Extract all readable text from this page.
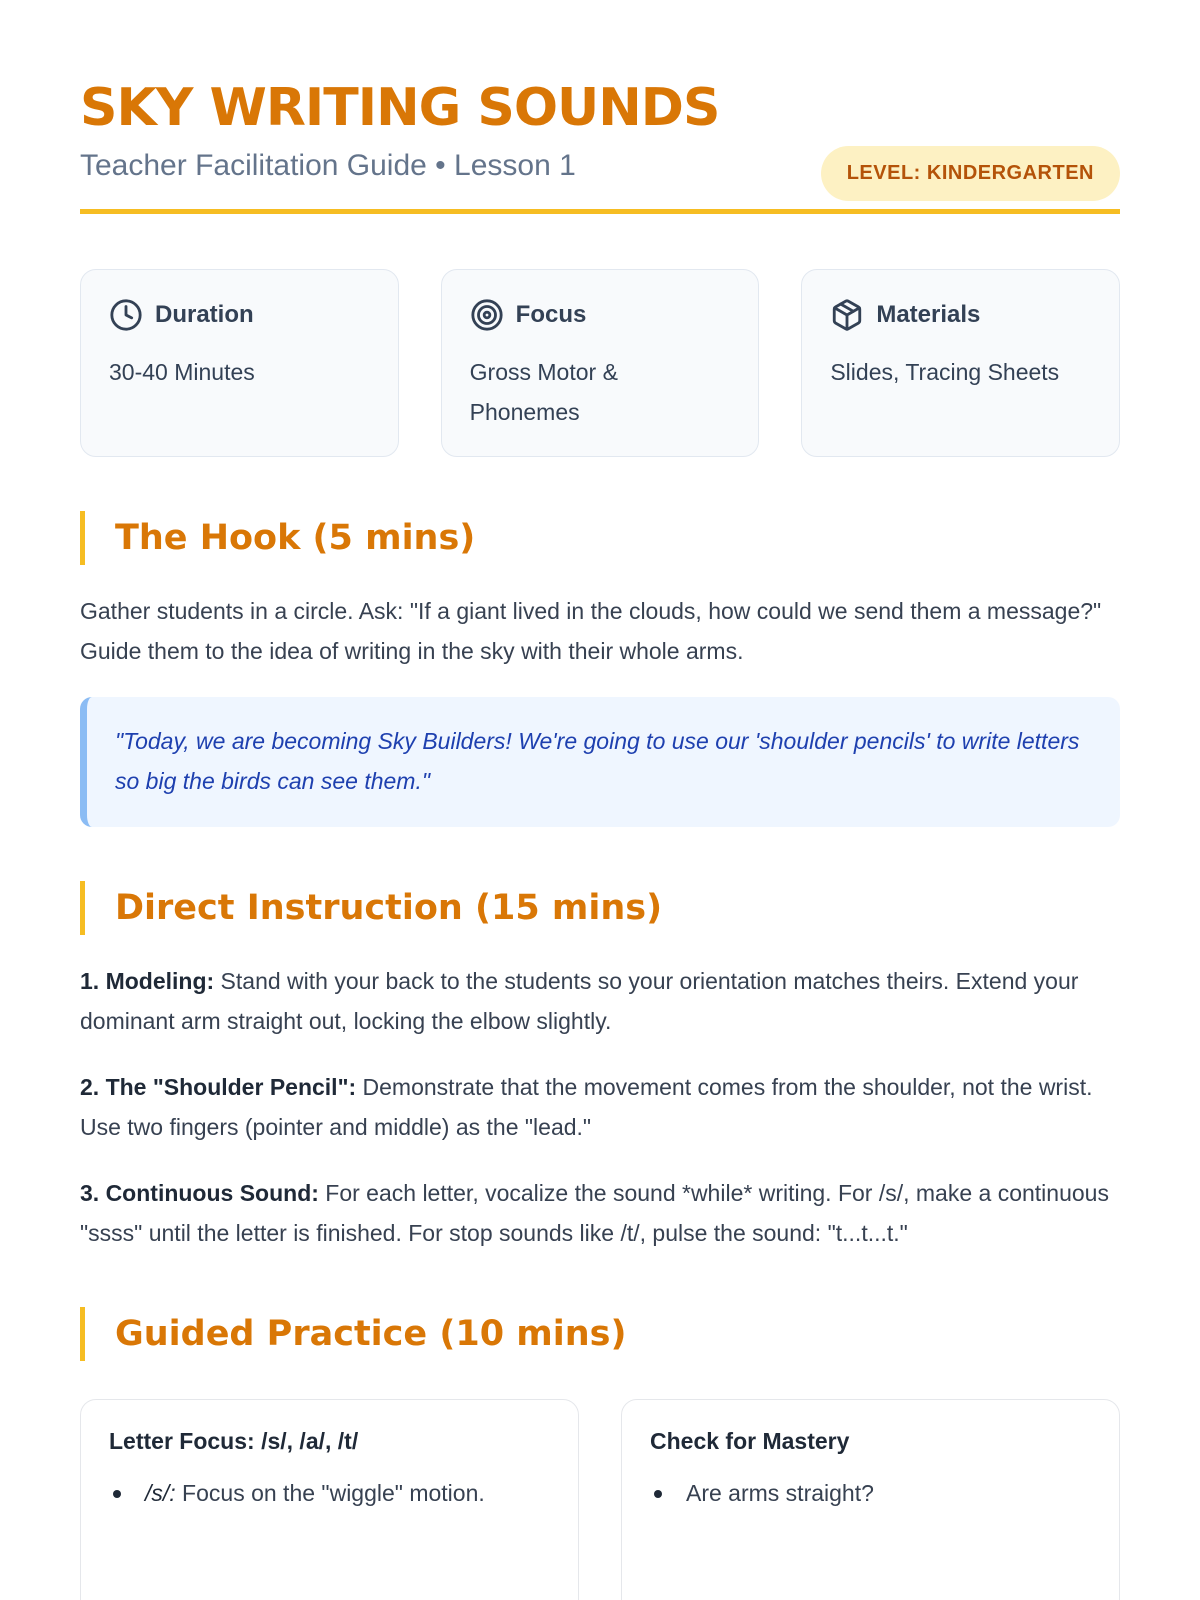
SKY WRITING SOUNDS
Teacher Facilitation Guide • Lesson 1	LEVEL: KINDERGARTEN
Duration
30-40 Minutes
Focus
Gross Motor & Phonemes
Materials
Slides, Tracing Sheets
The Hook (5 mins)

Gather students in a circle. Ask: "If a giant lived in the clouds, how could we send them a message?" Guide them to the idea of writing in the sky with their whole arms.

"Today, we are becoming Sky Builders! We're going to use our 'shoulder pencils' to write letters so big the birds can see them."
Direct Instruction (15 mins)

1. Modeling: Stand with your back to the students so your orientation matches theirs. Extend your dominant arm straight out, locking the elbow slightly.

2. The "Shoulder Pencil": Demonstrate that the movement comes from the shoulder, not the wrist. Use two fingers (pointer and middle) as the "lead."

3. Continuous Sound: For each letter, vocalize the sound *while* writing. For /s/, make a continuous "ssss" until the letter is finished. For stop sounds like /t/, pulse the sound: "t...t...t."

Guided Practice (10 mins)
Letter Focus: /s/, /a/, /t/
/s/: Focus on the "wiggle" motion.
Check for Mastery
Are arms straight?
